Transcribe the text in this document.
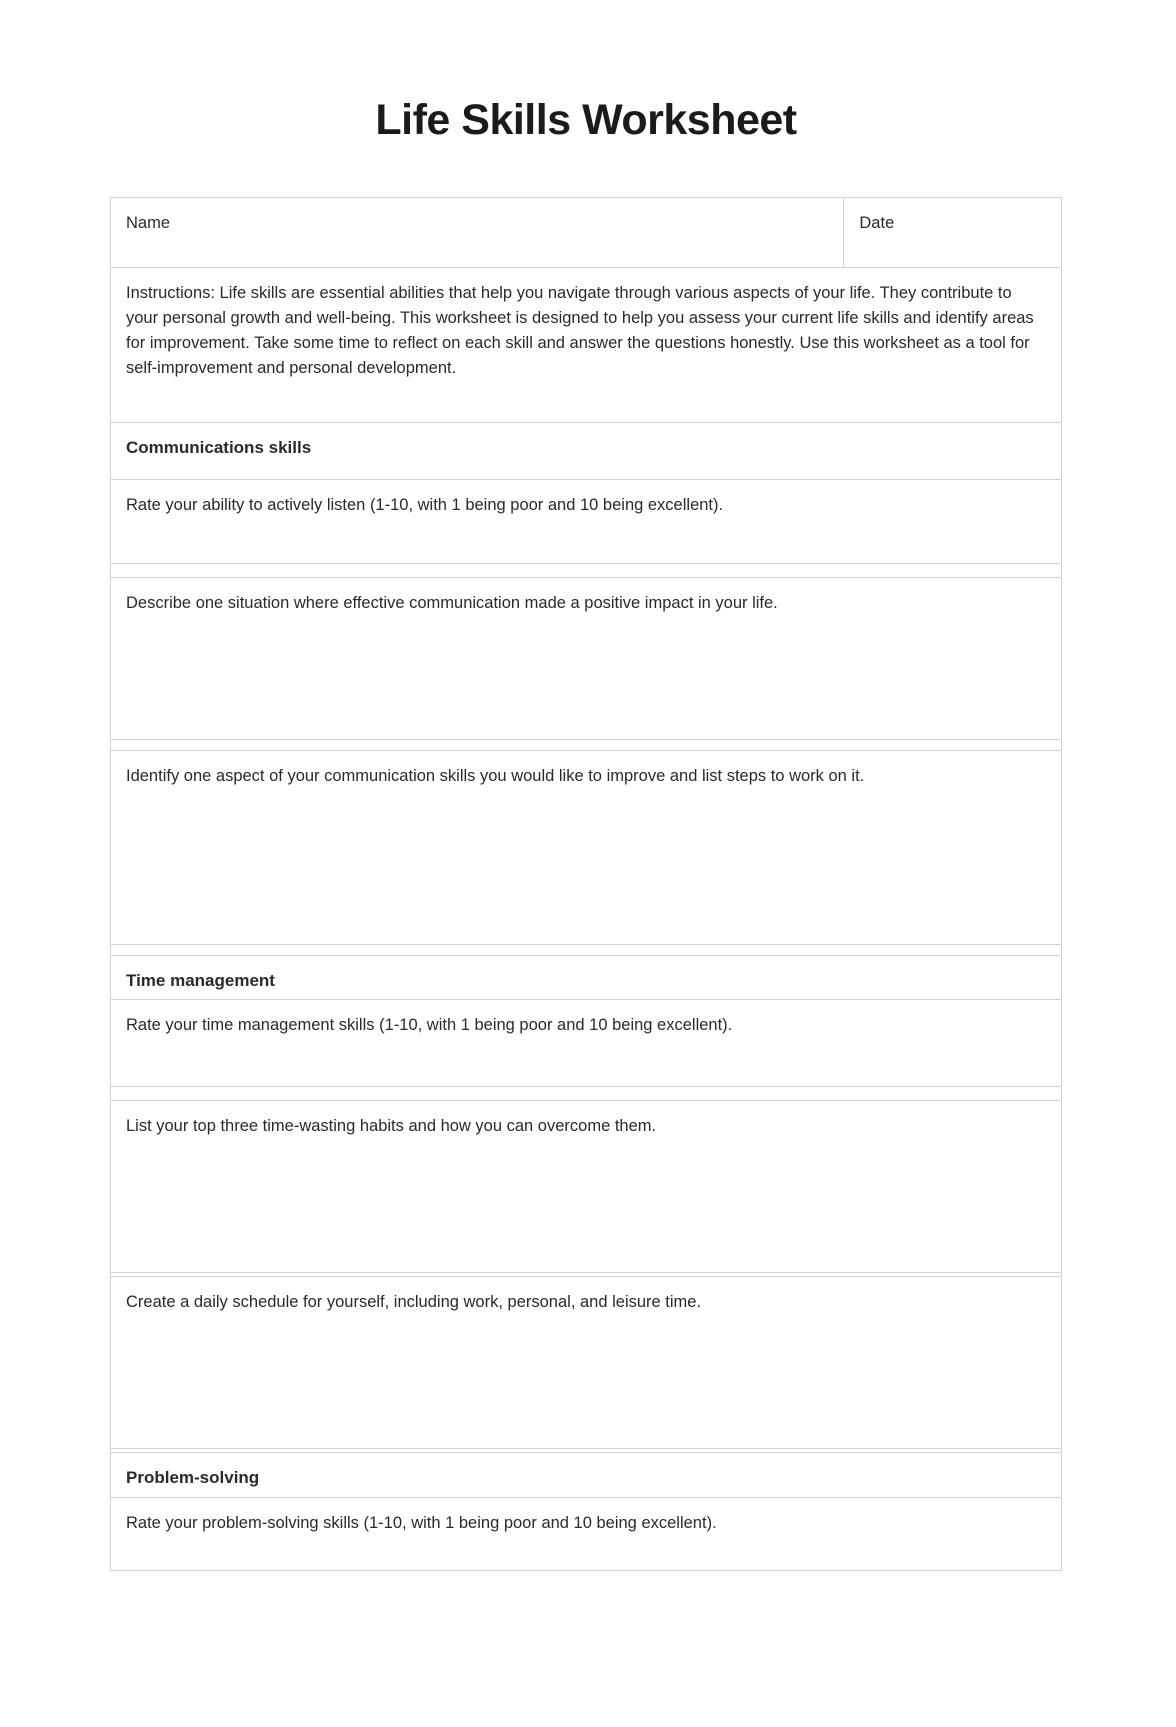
Life Skills Worksheet
Name	Date

Instructions: Life skills are essential abilities that help you navigate through various aspects of your life. They contribute to your personal growth and well-being. This worksheet is designed to help you assess your current life skills and identify areas for improvement. Take some time to reflect on each skill and answer the questions honestly. Use this worksheet as a tool for self-improvement and personal development.

Communications skills

Rate your ability to actively listen (1-10, with 1 being poor and 10 being excellent).

Describe one situation where effective communication made a positive impact in your life.

Identify one aspect of your communication skills you would like to improve and list steps to work on it.

Time management

Rate your time management skills (1-10, with 1 being poor and 10 being excellent).

List your top three time-wasting habits and how you can overcome them.

Create a daily schedule for yourself, including work, personal, and leisure time.

Problem-solving

Rate your problem-solving skills (1-10, with 1 being poor and 10 being excellent).
